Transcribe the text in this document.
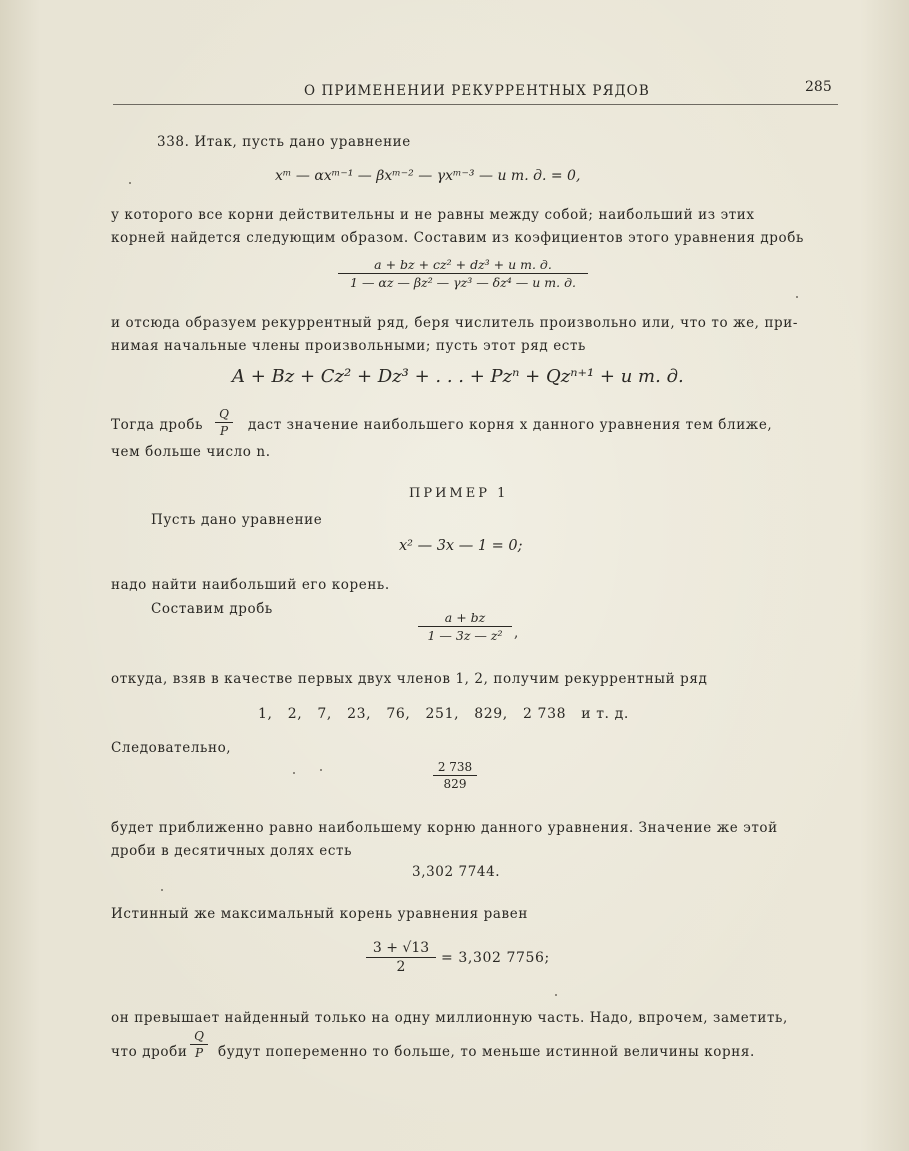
О ПРИМЕНЕНИИ РЕКУРРЕНТНЫХ РЯДОВ	285
338. Итак, пусть дано уравнение
xᵐ — αxᵐ⁻¹ — βxᵐ⁻² — γxᵐ⁻³ — и т. д. = 0,
у которого все корни действительны и не равны между собой; наибольший из этих
корней найдется следующим образом. Составим из коэфициентов этого уравнения дробь
a + bz + cz² + dz³ + и т. д.
1 — αz — βz² — γz³ — δz⁴ — и т. д.
и отсюда образуем рекуррентный ряд, беря числитель произвольно или, что то же, при-
нимая начальные члены произвольными; пусть этот ряд есть
A + Bz + Cz² + Dz³ + . . . + Pzⁿ + Qzⁿ⁺¹ + и т. д.
Тогда дробь
Q
P	даст значение наибольшего корня x данного уравнения тем ближе,
чем больше число n.
ПРИМЕР 1
Пусть дано уравнение
x² — 3x — 1 = 0;
надо найти наибольший его корень.
Составим дробь
a + bz
1 — 3z — z² ,
откуда, взяв в качестве первых двух членов 1, 2, получим рекуррентный ряд
1,   2,   7,   23,   76,   251,   829,   2 738   и т. д.
Следовательно,
2 738
829
будет приближенно равно наибольшему корню данного уравнения. Значение же этой
дроби в десятичных долях есть
3,302 7744.
Истинный же максимальный корень уравнения равен
3 + √13
2
= 3,302 7756;
он превышает найденный только на одну миллионную часть. Надо, впрочем, заметить,
что дроби
Q
P	будут попеременно то больше, то меньше истинной величины корня.
